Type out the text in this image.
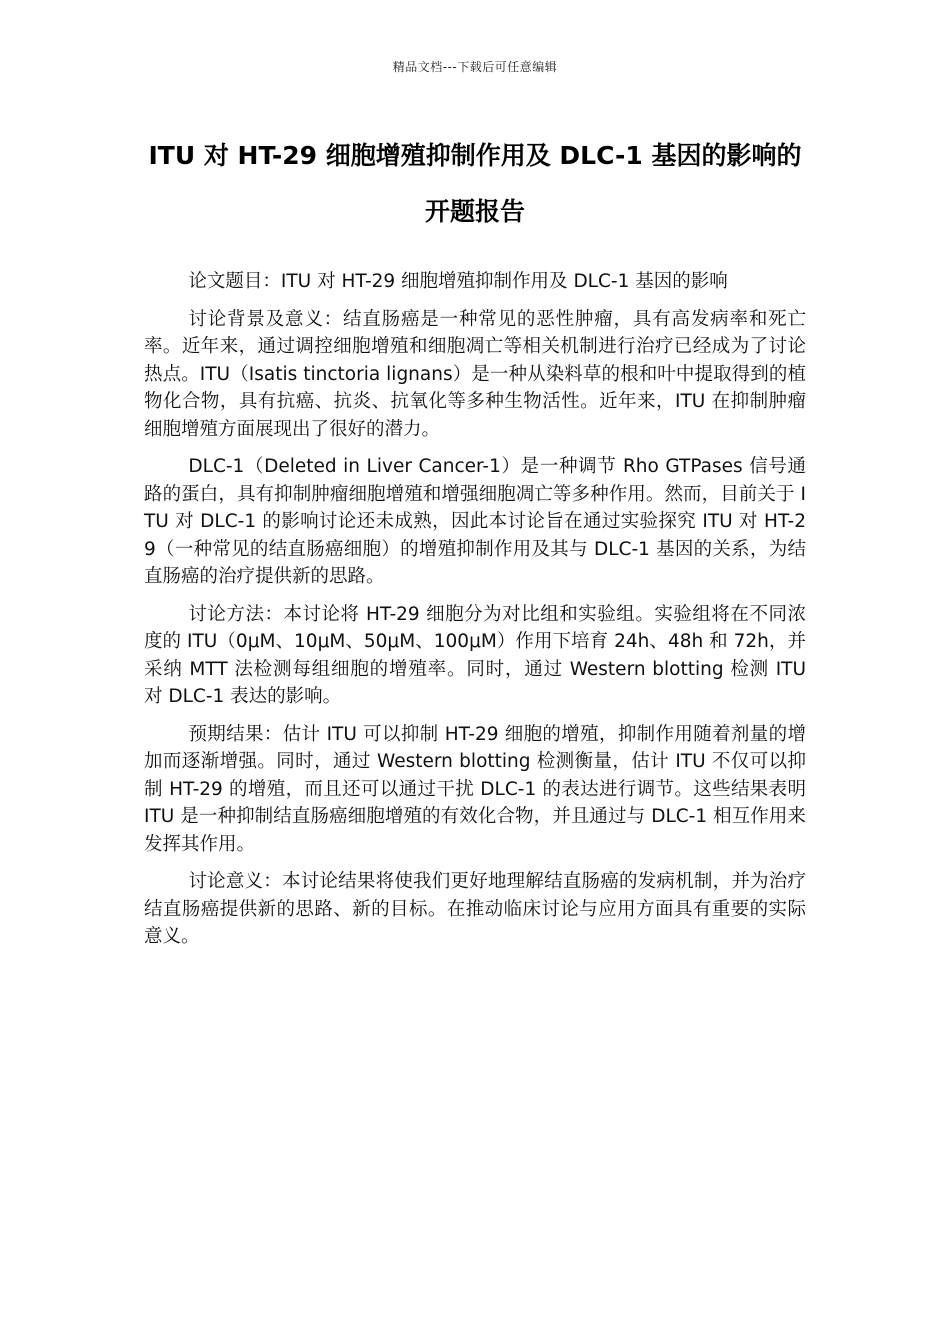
精品文档---下载后可任意编辑
ITU 对 HT-29 细胞增殖抑制作用及 DLC-1 基因的影响的开题报告

论文题目：ITU 对 HT-29 细胞增殖抑制作用及 DLC-1 基因的影响

讨论背景及意义：结直肠癌是一种常见的恶性肿瘤，具有高发病率和死亡率。近年来，通过调控细胞增殖和细胞凋亡等相关机制进行治疗已经成为了讨论热点。ITU（Isatis tinctoria lignans）是一种从染料草的根和叶中提取得到的植物化合物，具有抗癌、抗炎、抗氧化等多种生物活性。近年来，ITU 在抑制肿瘤细胞增殖方面展现出了很好的潜力。

DLC-1（Deleted in Liver Cancer-1）是一种调节 Rho GTPases 信号通路的蛋白，具有抑制肿瘤细胞增殖和增强细胞凋亡等多种作用。然而，目前关于 ITU 对 DLC-1 的影响讨论还未成熟，因此本讨论旨在通过实验探究 ITU 对 HT-29（一种常见的结直肠癌细胞）的增殖抑制作用及其与 DLC-1 基因的关系，为结直肠癌的治疗提供新的思路。

讨论方法：本讨论将 HT-29 细胞分为对比组和实验组。实验组将在不同浓度的 ITU（0μM、10μM、50μM、100μM）作用下培育 24h、48h 和 72h，并采纳 MTT 法检测每组细胞的增殖率。同时，通过 Western blotting 检测 ITU 对 DLC-1 表达的影响。

预期结果：估计 ITU 可以抑制 HT-29 细胞的增殖，抑制作用随着剂量的增加而逐渐增强。同时，通过 Western blotting 检测衡量，估计 ITU 不仅可以抑制 HT-29 的增殖，而且还可以通过干扰 DLC-1 的表达进行调节。这些结果表明 ITU 是一种抑制结直肠癌细胞增殖的有效化合物，并且通过与 DLC-1 相互作用来发挥其作用。

讨论意义：本讨论结果将使我们更好地理解结直肠癌的发病机制，并为治疗结直肠癌提供新的思路、新的目标。在推动临床讨论与应用方面具有重要的实际意义。
